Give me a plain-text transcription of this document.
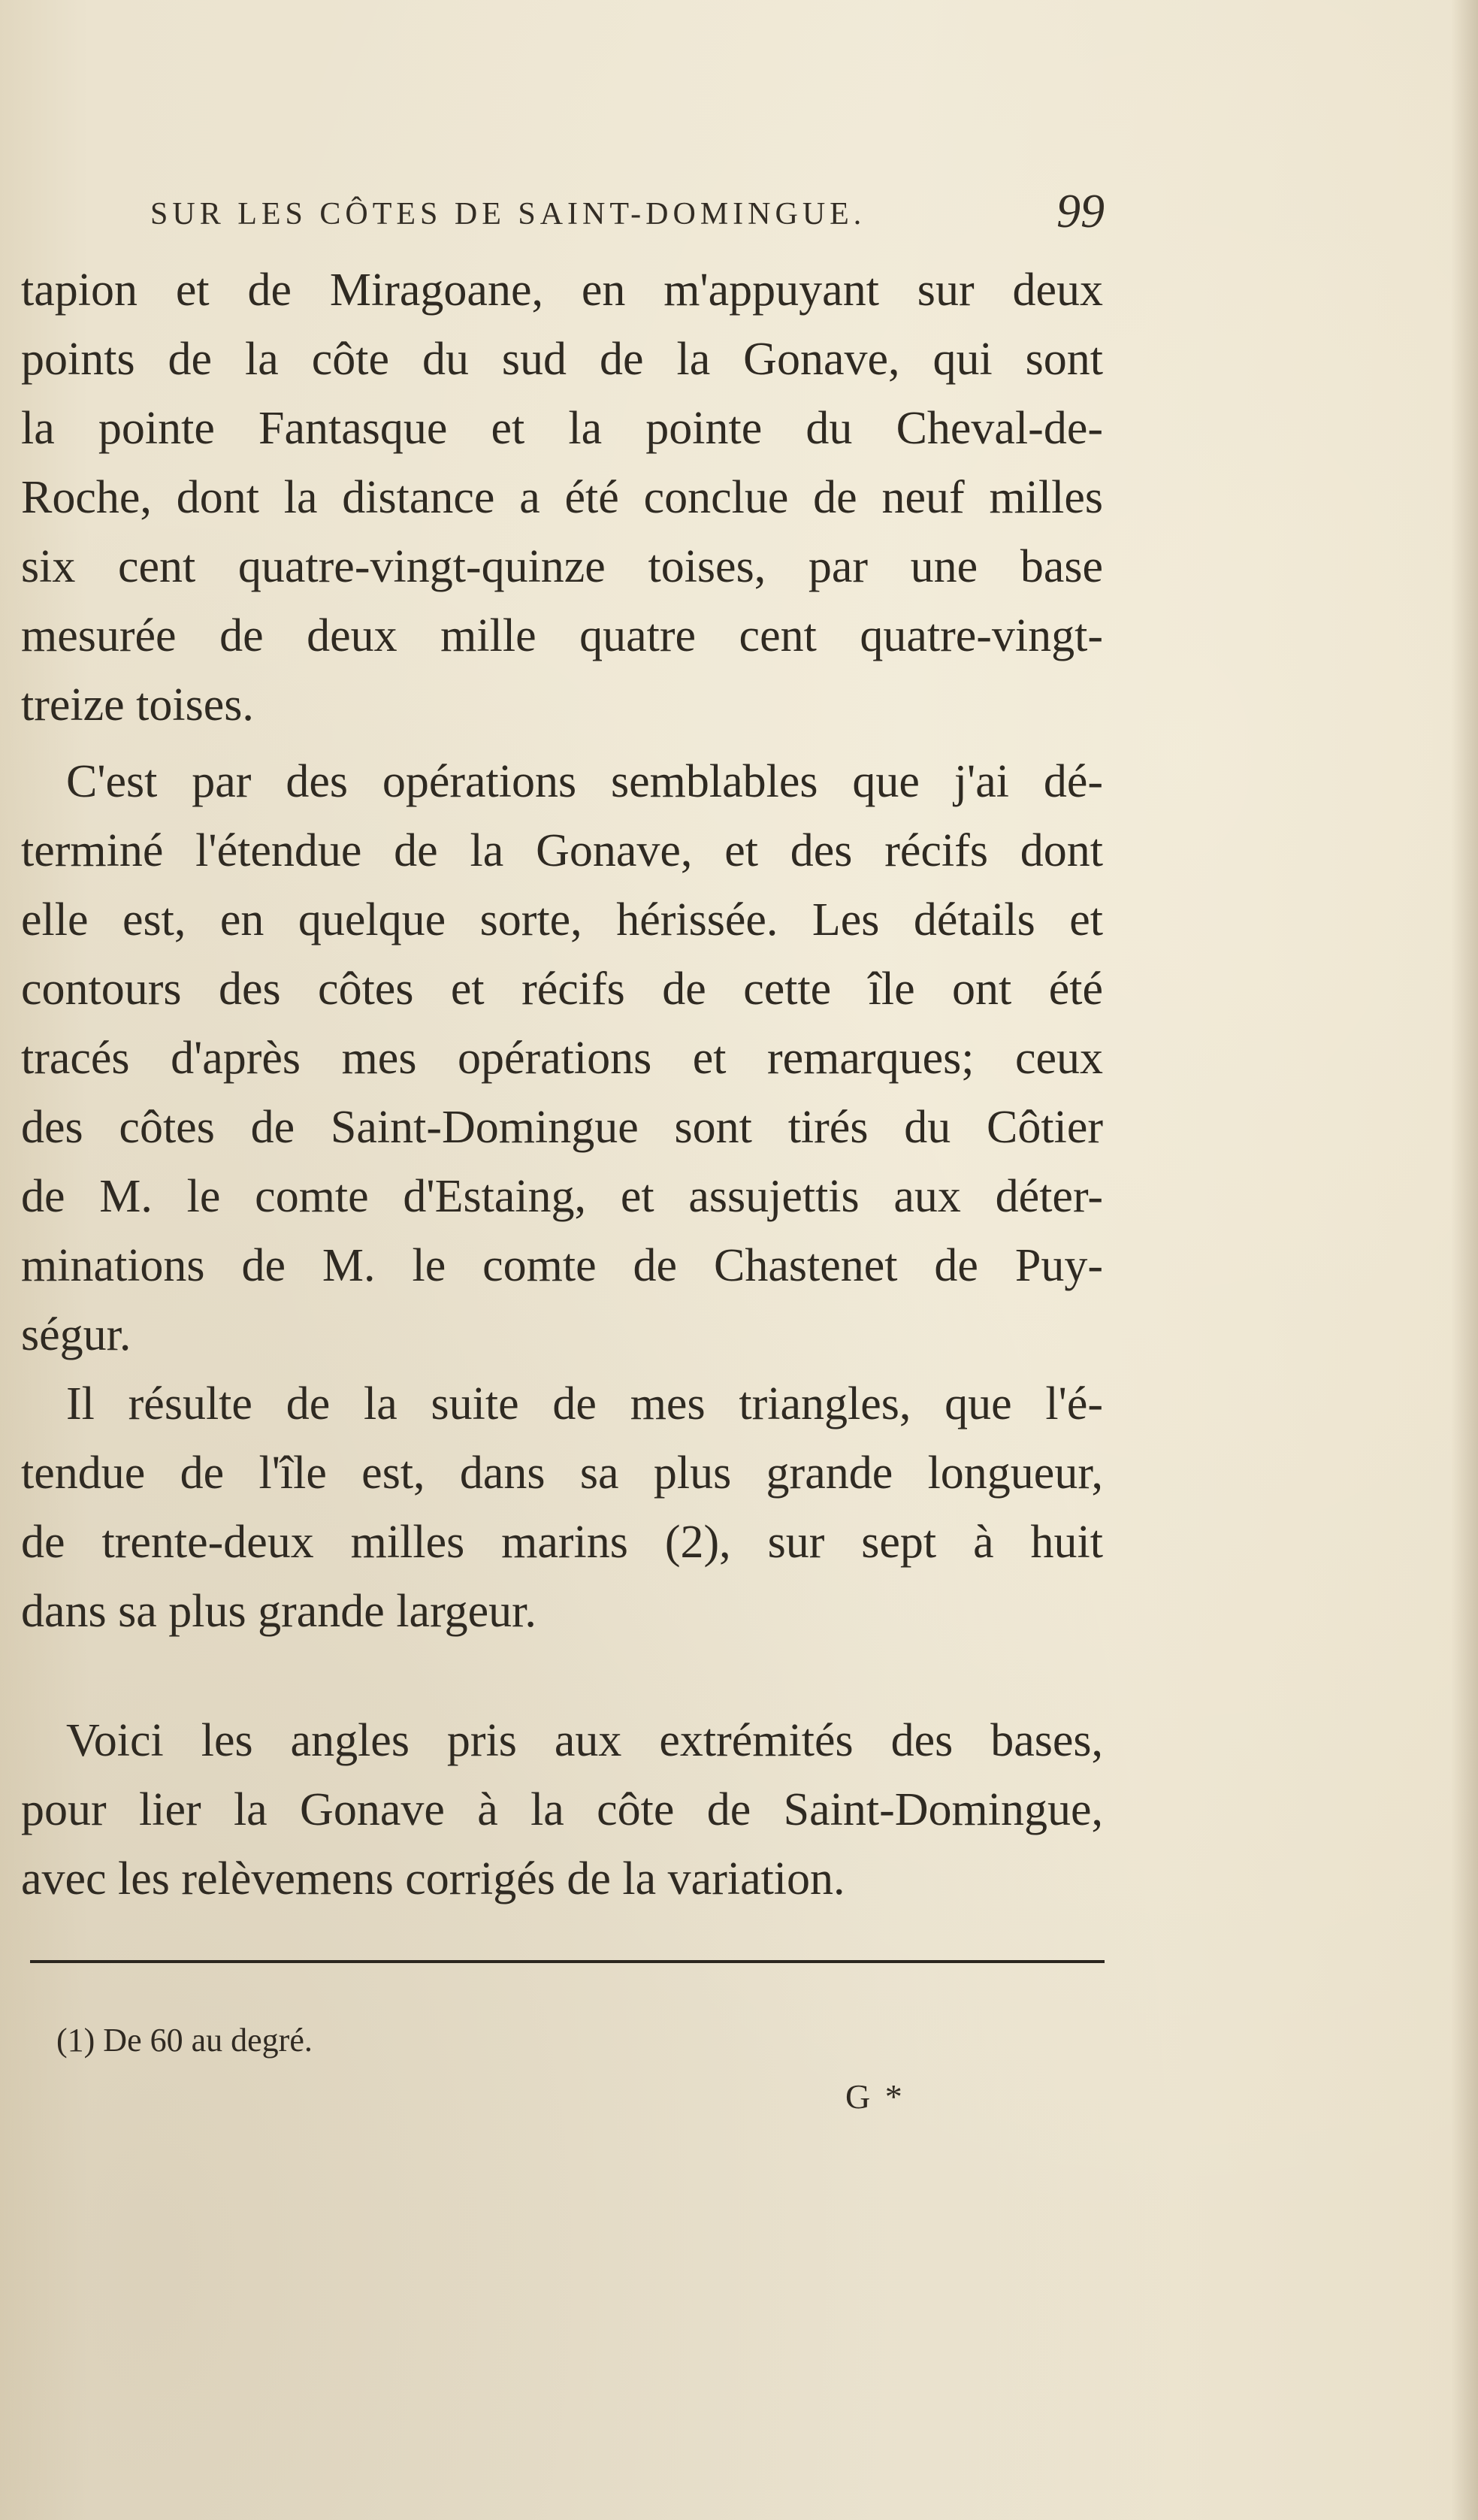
SUR LES CÔTES DE SAINT-DOMINGUE.	99
tapion et de Miragoane, en m'appuyant sur deux
points de la côte du sud de la Gonave, qui sont
la pointe Fantasque et la pointe du Cheval-de-
Roche, dont la distance a été conclue de neuf milles
six cent quatre-vingt-quinze toises, par une base
mesurée de deux mille quatre cent quatre-vingt-
treize toises.
C'est par des opérations semblables que j'ai dé-
terminé l'étendue de la Gonave, et des récifs dont
elle est, en quelque sorte, hérissée. Les détails et
contours des côtes et récifs de cette île ont été
tracés d'après mes opérations et remarques; ceux
des côtes de Saint-Domingue sont tirés du Côtier
de M. le comte d'Estaing, et assujettis aux déter-
minations de M. le comte de Chastenet de Puy-
ségur.
Il résulte de la suite de mes triangles, que l'é-
tendue de l'île est, dans sa plus grande longueur,
de trente-deux milles marins (2), sur sept à huit
dans sa plus grande largeur.
Voici les angles pris aux extrémités des bases,
pour lier la Gonave à la côte de Saint-Domingue,
avec les relèvemens corrigés de la variation.
(1) De 60 au degré.
G *
